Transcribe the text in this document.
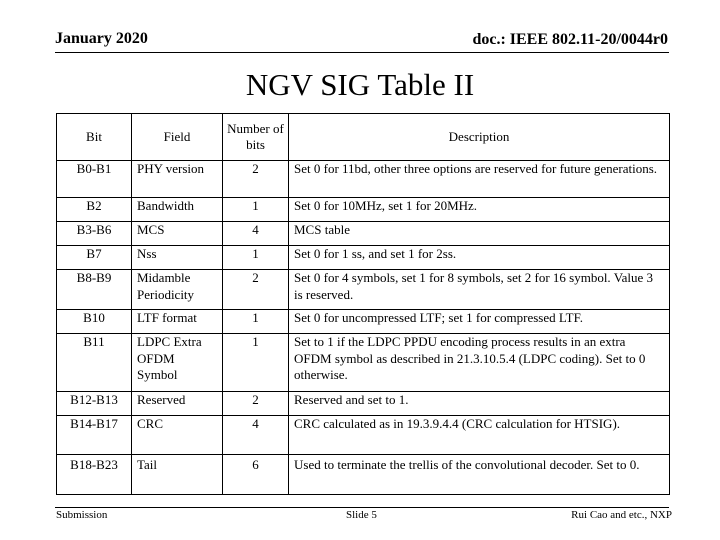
January 2020	doc.: IEEE 802.11-20/0044r0
NGV SIG Table II
Bit	Field	Number of bits	Description
B0-B1	PHY version	2	Set 0 for 11bd, other three options are reserved for future generations.
B2	Bandwidth	1	Set 0 for 10MHz, set 1 for 20MHz.
B3-B6	MCS	4	MCS table
B7	Nss	1	Set 0 for 1 ss, and set 1 for 2ss.
B8-B9	Midamble Periodicity	2	Set 0 for 4 symbols, set 1 for 8 symbols, set 2 for 16 symbol. Value 3 is reserved.
B10	LTF format	1	Set 0 for uncompressed LTF; set 1 for compressed LTF.
B11	LDPC Extra OFDM Symbol	1	Set to 1 if the LDPC PPDU encoding process results in an extra OFDM symbol as described in 21.3.10.5.4 (LDPC coding). Set to 0 otherwise.
B12-B13	Reserved	2	Reserved and set to 1.
B14-B17	CRC	4	CRC calculated as in 19.3.9.4.4 (CRC calculation for HTSIG).
B18-B23	Tail	6	Used to terminate the trellis of the convolutional decoder. Set to 0.
Submission	Slide 5	Rui Cao and etc., NXP
